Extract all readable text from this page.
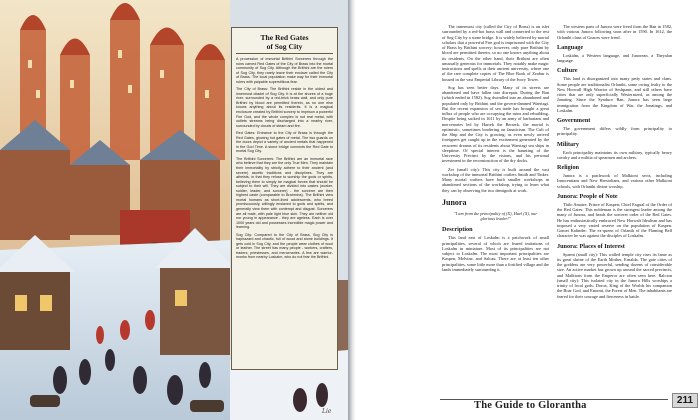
Lie
The Red Gates
of Sog City

A procession of immortal Brithini Sorcerers through the ruins carved Red Gates of the City of Brass into the mortal community of Sog City. Although the Brithini are the rulers of Sog City, they rarely leave their enclave called the City of Brass. The local population make way for their immortal rulers with palpable superstitious fear.

The City of Brass: The Brithini reside in the oldest and innermost citadel of Sog City. It is at the shores of a huge river, surrounded by a red-brick brass wall, and only pure Brithini by blood are permitted therein, as no one else knows anything about its residents. It is a magical enclosure created by Brithini sorcery to imprison a powerful Fire God, and the whole complex is not real metal, with outlets streams being discharged into a nearby river, surrounded by clouds of steam and fire.

Red Gates: Entrance to the City of Brass is through the Red Gates, glowing hot gates of metal. The two guards on the doors depict a variety of ancient metals that happened in the God Time. A stone bridge connects the Red Gate to mortal Sog City.

The Brithini Sorcerers: The Brithini are an immortal race who believe that they are the only True Men. They maintain their immortality by strictly adhere to their ancient (and severe) ascetic traditions and disciplines. They are atheists, in that they refuse to worship the gods or spirits, believing them to simply be magical forces that should be subject to their will. They are divided into castes (worker, soldier, leader, and sorcerer) - the sorcerer are their highest caste (comparable to Brahmins). The Brithini view mortal humans as short-lived adolescents, who breed promiscuously, willingly enslaved to gods and spirits, and generally view them with contempt and disgust. Sorcerers are all male, with pale light blue skin. They are neither old nor young in appearance - they are ageless. Each is over 1000 years old and possesses incredible magic power and learning.

Sog City: Compared to the City of Brass, Sog City is haphazard and chaotic, full of wood and stone buildings. It gets cold in Sog City, and the people wear clothes of wool or leather. The street has many people - workers, crafters, traders, priestesses, and mercenaries. A few are warrior-monks from nearby Loskalm, who do not fear the Brithini.

The innermost city (called the City of Brass) is an islet surrounded by a red-hot brass wall and connected to the rest of Sog City by a stone bridge. It is widely believed by mortal scholars that a powerful Fire god is imprisoned with the City of Brass by Brithini sorcery; however, only pure Brithini by blood are permitted therein, so no one knows anything about its residents. On the other hand, their Brithini are often unusually generous for immortals. They notably make magic instructions and spells at their ancient university, where one of the rare complete copies of The Blue Book of Zzabur is housed in the vast Emperial Library of the Ivory Tower.

Sog has seen better days. Many of its streets are abandoned and have fallen into disrepair. During the Ban (which ended in 1582), Sog dwindled into an abandoned and populated only by Brithini and the govern-damned Waertagi. But the recent expansion of sea trade has brought a great influx of people who are occupying the ruins and rebuilding. Despite being sacked in 1611 by an army of barbarians and mercenaries led by Harrek the Berserk, the mortal is optimistic, sometimes bordering on fanaticism. The Cult of the Ship and the City is growing, as even newly arrived foreigners get caught up in the excitement generated by the recurrent dreams of its residents about Waertagi sea ships in sleeptime. Of special interest is the haunting of the University Precinct by the visions, and his personal investment in the reconstruction of the dry docks.

Zer (small city): This city is built around the vast workshop of the immortal Brithini crafters Smith and Tinker. Many mortal crafters have built smaller workshops in abandoned sections of the workshop, trying to learn what they can by observing the two demigods at work.

Junora

"I am from the principality of (X), Hael (X), our glorious leader!"

Description

This land east of Loskalm is a patchwork of small principalities, several of which are feared imitations of Loskalm in miniature. Most of its principalities are not subject to Loskalm. The most important principalities are Kaspen, Melvine, and Salcau. There are at least ten other principalities, some little more than a fortified village and the lands immediately surrounding it.

The western parts of Junora were freed from the Ban in 1582, with various Junora following soon after in 1590. In 1612, the Orlanthi clans of Gnaces were freed.

Language

Loskalm, a Western language, and Junorean, a Theyalan language.

Culture

This land is disorganized into many petty states and clans. Some people are traditionalist Orlanthi, some owing fealty to the New Horwall High Warrior of Seshpaun, and still others have cities that are only superficially Westernized, as among the Jonating. Since the Synduce Ban, Junora has seen large immigration from the Kingdom of War, the Jonatings, and Loskalm.

Government

The government differs wildly from principality to principality.

Military

Each principality maintains its own military, typically heavy cavalry and a militia of spearmen and archers.

Religion

Junora is a patchwork of Malkioni sects, including Innocentians and New Hrestolians, and various other Malkioni schools, with Orlanthi divine worship.

Junora: People of Note

Thilo Amaire, Prince of Kaspen; Chief Exgual of the Order of the Red Gates: This nobleman is the strongest leader among the many of Junora, and heads the sorcerer order of the Red Gates. He has enthusiastically embraced New Horwalt Idealism and has imposed a very varied reserve on the population of Kaspen. Gomet Kalinder: The ex-queen of Orlanth of the Flaming Bell character he was against the disciples of Loskalm.

Junora: Places of Interest

Spaent (small city): This walled temple city rises its fame as its great shrine of the Earth Mother, Ernalda. The gate cities of the goddess are very powerful, sending dozens of considerable size. An active market has grown up around the sacred precincts, and Malkions from the Emperor are often seen here. Ralcion (small city): This isolated city in the Junora Hills worships a trinity of local gods: Doroa, King of the Worlds his companion the Boar God, and Enormi, the Forest of Men. The inhabitants are feared for their courage and fierceness in battle.

The Guide to Glorantha	211
